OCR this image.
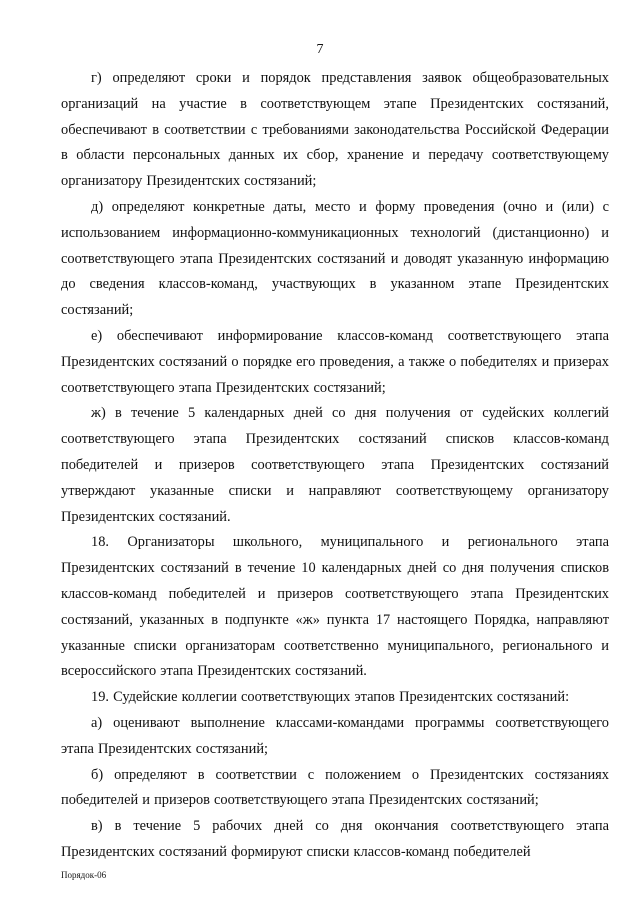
7

г) определяют сроки и порядок представления заявок общеобразовательных организаций на участие в соответствующем этапе Президентских состязаний, обеспечивают в соответствии с требованиями законодательства Российской Федерации в области персональных данных их сбор, хранение и передачу соответствующему организатору Президентских состязаний;

д) определяют конкретные даты, место и форму проведения (очно и (или) с использованием информационно-коммуникационных технологий (дистанционно) и соответствующего этапа Президентских состязаний и доводят указанную информацию до сведения классов-команд, участвующих в указанном этапе Президентских состязаний;

е) обеспечивают информирование классов-команд соответствующего этапа Президентских состязаний о порядке его проведения, а также о победителях и призерах соответствующего этапа Президентских состязаний;

ж) в течение 5 календарных дней со дня получения от судейских коллегий соответствующего этапа Президентских состязаний списков классов-команд победителей и призеров соответствующего этапа Президентских состязаний утверждают указанные списки и направляют соответствующему организатору Президентских состязаний.

18. Организаторы школьного, муниципального и регионального этапа Президентских состязаний в течение 10 календарных дней со дня получения списков классов-команд победителей и призеров соответствующего этапа Президентских состязаний, указанных в подпункте «ж» пункта 17 настоящего Порядка, направляют указанные списки организаторам соответственно муниципального, регионального и всероссийского этапа Президентских состязаний.

19. Судейские коллегии соответствующих этапов Президентских состязаний:

а) оценивают выполнение классами-командами программы соответствующего этапа Президентских состязаний;

б) определяют в соответствии с положением о Президентских состязаниях победителей и призеров соответствующего этапа Президентских состязаний;

в) в течение 5 рабочих дней со дня окончания соответствующего этапа Президентских состязаний формируют списки классов-команд победителей

Порядок-06
